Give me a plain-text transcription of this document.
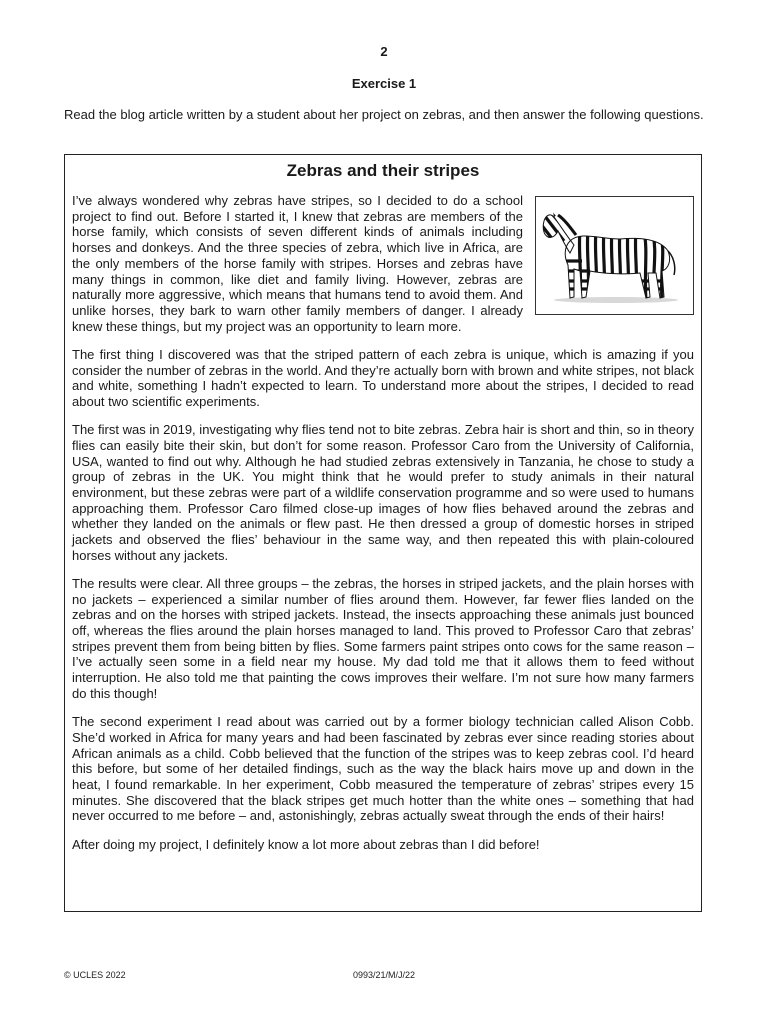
2
Exercise 1
Read the blog article written by a student about her project on zebras, and then answer the following questions.
Zebras and their stripes

I’ve always wondered why zebras have stripes, so I decided to do a school project to find out. Before I started it, I knew that zebras are members of the horse family, which consists of seven different kinds of animals including horses and donkeys. And the three species of zebra, which live in Africa, are the only members of the horse family with stripes. Horses and zebras have many things in common, like diet and family living. However, zebras are naturally more aggressive, which means that humans tend to avoid them. And unlike horses, they bark to warn other family members of danger. I already knew these things, but my project was an opportunity to learn more.

The first thing I discovered was that the striped pattern of each zebra is unique, which is amazing if you consider the number of zebras in the world. And they’re actually born with brown and white stripes, not black and white, something I hadn’t expected to learn. To understand more about the stripes, I decided to read about two scientific experiments.

The first was in 2019, investigating why flies tend not to bite zebras. Zebra hair is short and thin, so in theory flies can easily bite their skin, but don’t for some reason. Professor Caro from the University of California, USA, wanted to find out why. Although he had studied zebras extensively in Tanzania, he chose to study a group of zebras in the UK. You might think that he would prefer to study animals in their natural environment, but these zebras were part of a wildlife conservation programme and so were used to humans approaching them. Professor Caro filmed close-up images of how flies behaved around the zebras and whether they landed on the animals or flew past. He then dressed a group of domestic horses in striped jackets and observed the flies’ behaviour in the same way, and then repeated this with plain-coloured horses without any jackets.

The results were clear. All three groups – the zebras, the horses in striped jackets, and the plain horses with no jackets – experienced a similar number of flies around them. However, far fewer flies landed on the zebras and on the horses with striped jackets. Instead, the insects approaching these animals just bounced off, whereas the flies around the plain horses managed to land. This proved to Professor Caro that zebras’ stripes prevent them from being bitten by flies. Some farmers paint stripes onto cows for the same reason – I’ve actually seen some in a field near my house. My dad told me that it allows them to feed without interruption. He also told me that painting the cows improves their welfare. I’m not sure how many farmers do this though!

The second experiment I read about was carried out by a former biology technician called Alison Cobb. She’d worked in Africa for many years and had been fascinated by zebras ever since reading stories about African animals as a child. Cobb believed that the function of the stripes was to keep zebras cool. I’d heard this before, but some of her detailed findings, such as the way the black hairs move up and down in the heat, I found remarkable. In her experiment, Cobb measured the temperature of zebras’ stripes every 15 minutes. She discovered that the black stripes get much hotter than the white ones – something that had never occurred to me before – and, astonishingly, zebras actually sweat through the ends of their hairs!

After doing my project, I definitely know a lot more about zebras than I did before!

© UCLES 2022	0993/21/M/J/22
